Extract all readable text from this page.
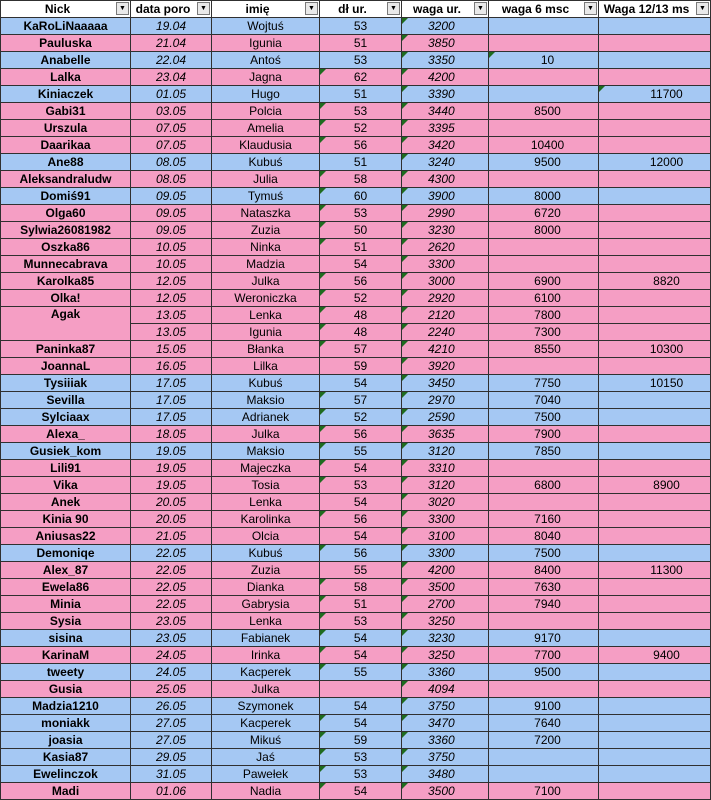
Nick ▼	data poro ▼	imię ▼	dł ur. ▼	waga ur. ▼	waga 6 msc ▼	Waga 12/13 ms ▼

KaRoLiNaaaaa	19.04	Wojtuś	53	3200		
Pauluska	21.04	Igunia	51	3850		
Anabelle	22.04	Antoś	53	3350	10	
Lalka	23.04	Jagna	62	4200		
Kiniaczek	01.05	Hugo	51	3390		11700
Gabi31	03.05	Polcia	53	3440	8500	
Urszula	07.05	Amelia	52	3395		
Daarikaa	07.05	Klaudusia	56	3420	10400	
Ane88	08.05	Kubuś	51	3240	9500	12000
Aleksandraludw	08.05	Julia	58	4300		
Domiś91	09.05	Tymuś	60	3900	8000	
Olga60	09.05	Nataszka	53	2990	6720	
Sylwia26081982	09.05	Zuzia	50	3230	8000	
Oszka86	10.05	Ninka	51	2620		
Munnecabrava	10.05	Madzia	54	3300		
Karolka85	12.05	Julka	56	3000	6900	8820
Olka!	12.05	Weroniczka	52	2920	6100	
Agak	13.05	Lenka	48	2120	7800	
	13.05	Igunia	48	2240	7300	
Paninka87	15.05	Błanka	57	4210	8550	10300
JoannaL	16.05	Lilka	59	3920		
Tysiiiak	17.05	Kubuś	54	3450	7750	10150
Sevilla	17.05	Maksio	57	2970	7040	
Sylciaax	17.05	Adrianek	52	2590	7500	
Alexa_	18.05	Julka	56	3635	7900	
Gusiek_kom	19.05	Maksio	55	3120	7850	
Lili91	19.05	Majeczka	54	3310		
Vika	19.05	Tosia	53	3120	6800	8900
Anek	20.05	Lenka	54	3020		
Kinia 90	20.05	Karolinka	56	3300	7160	
Aniusas22	21.05	Olcia	54	3100	8040	
Demoniqe	22.05	Kubuś	56	3300	7500	
Alex_87	22.05	Zuzia	55	4200	8400	11300
Ewela86	22.05	Dianka	58	3500	7630	
Minia	22.05	Gabrysia	51	2700	7940	
Sysia	23.05	Lenka	53	3250		
sisina	23.05	Fabianek	54	3230	9170	
KarinaM	24.05	Irinka	54	3250	7700	9400
tweety	24.05	Kacperek	55	3360	9500	
Gusia	25.05	Julka		4094		
Madzia1210	26.05	Szymonek	54	3750	9100	
moniakk	27.05	Kacperek	54	3470	7640	
joasia	27.05	Mikuś	59	3360	7200	
Kasia87	29.05	Jaś	53	3750		
Ewelinczok	31.05	Pawełek	53	3480		
Madi	01.06	Nadia	54	3500	7100	
